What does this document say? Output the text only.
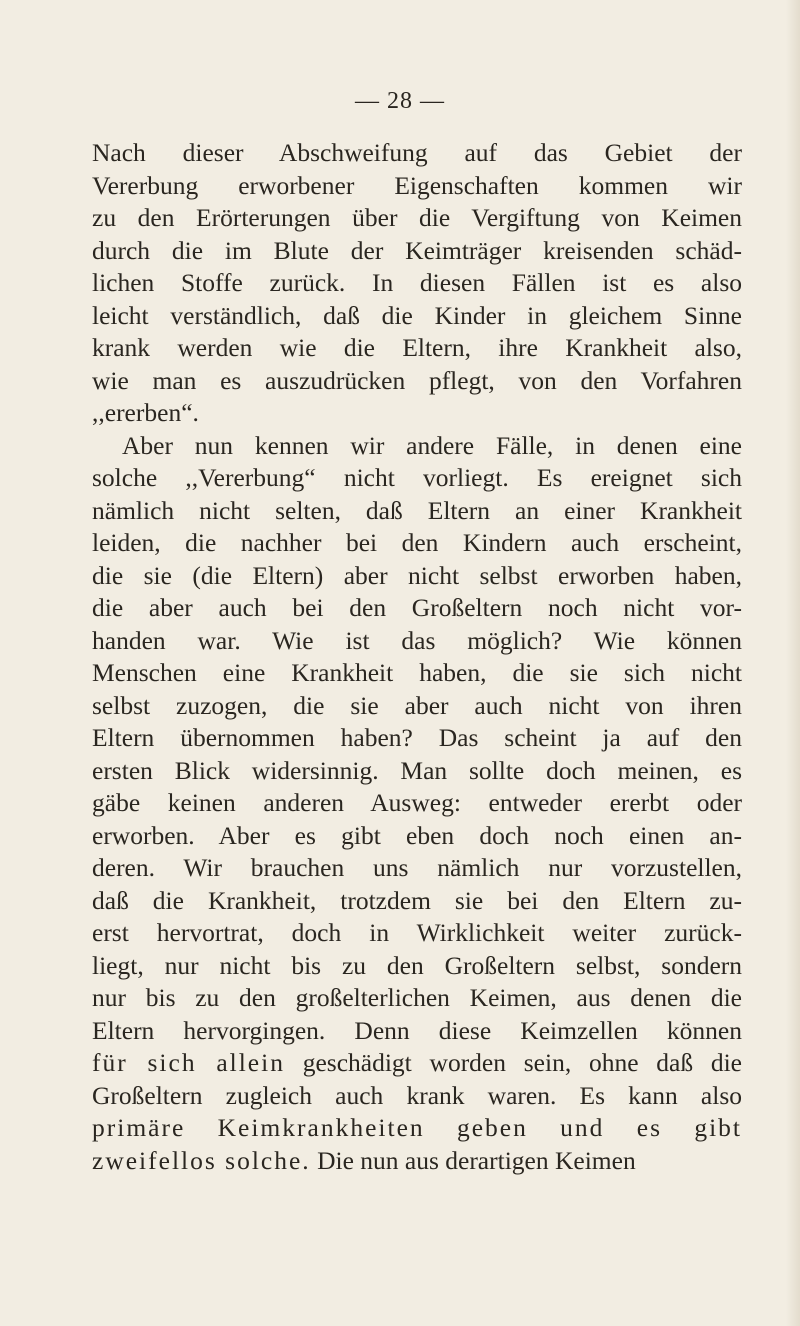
— 28 —
Nach dieser Abschweifung auf das Gebiet der
Vererbung erworbener Eigenschaften kommen wir
zu den Erörterungen über die Vergiftung von Keimen
durch die im Blute der Keimträger kreisenden schäd-
lichen Stoffe zurück. In diesen Fällen ist es also
leicht verständlich, daß die Kinder in gleichem Sinne
krank werden wie die Eltern, ihre Krankheit also,
wie man es auszudrücken pflegt, von den Vorfahren
,,ererben“.
Aber nun kennen wir andere Fälle, in denen eine
solche ,,Vererbung“ nicht vorliegt. Es ereignet sich
nämlich nicht selten, daß Eltern an einer Krankheit
leiden, die nachher bei den Kindern auch erscheint,
die sie (die Eltern) aber nicht selbst erworben haben,
die aber auch bei den Großeltern noch nicht vor-
handen war. Wie ist das möglich? Wie können
Menschen eine Krankheit haben, die sie sich nicht
selbst zuzogen, die sie aber auch nicht von ihren
Eltern übernommen haben? Das scheint ja auf den
ersten Blick widersinnig. Man sollte doch meinen, es
gäbe keinen anderen Ausweg: entweder ererbt oder
erworben. Aber es gibt eben doch noch einen an-
deren. Wir brauchen uns nämlich nur vorzustellen,
daß die Krankheit, trotzdem sie bei den Eltern zu-
erst hervortrat, doch in Wirklichkeit weiter zurück-
liegt, nur nicht bis zu den Großeltern selbst, sondern
nur bis zu den großelterlichen Keimen, aus denen die
Eltern hervorgingen. Denn diese Keimzellen können
für sich allein geschädigt worden sein, ohne daß die
Großeltern zugleich auch krank waren. Es kann also
primäre Keimkrankheiten geben und es gibt
zweifellos solche. Die nun aus derartigen Keimen
